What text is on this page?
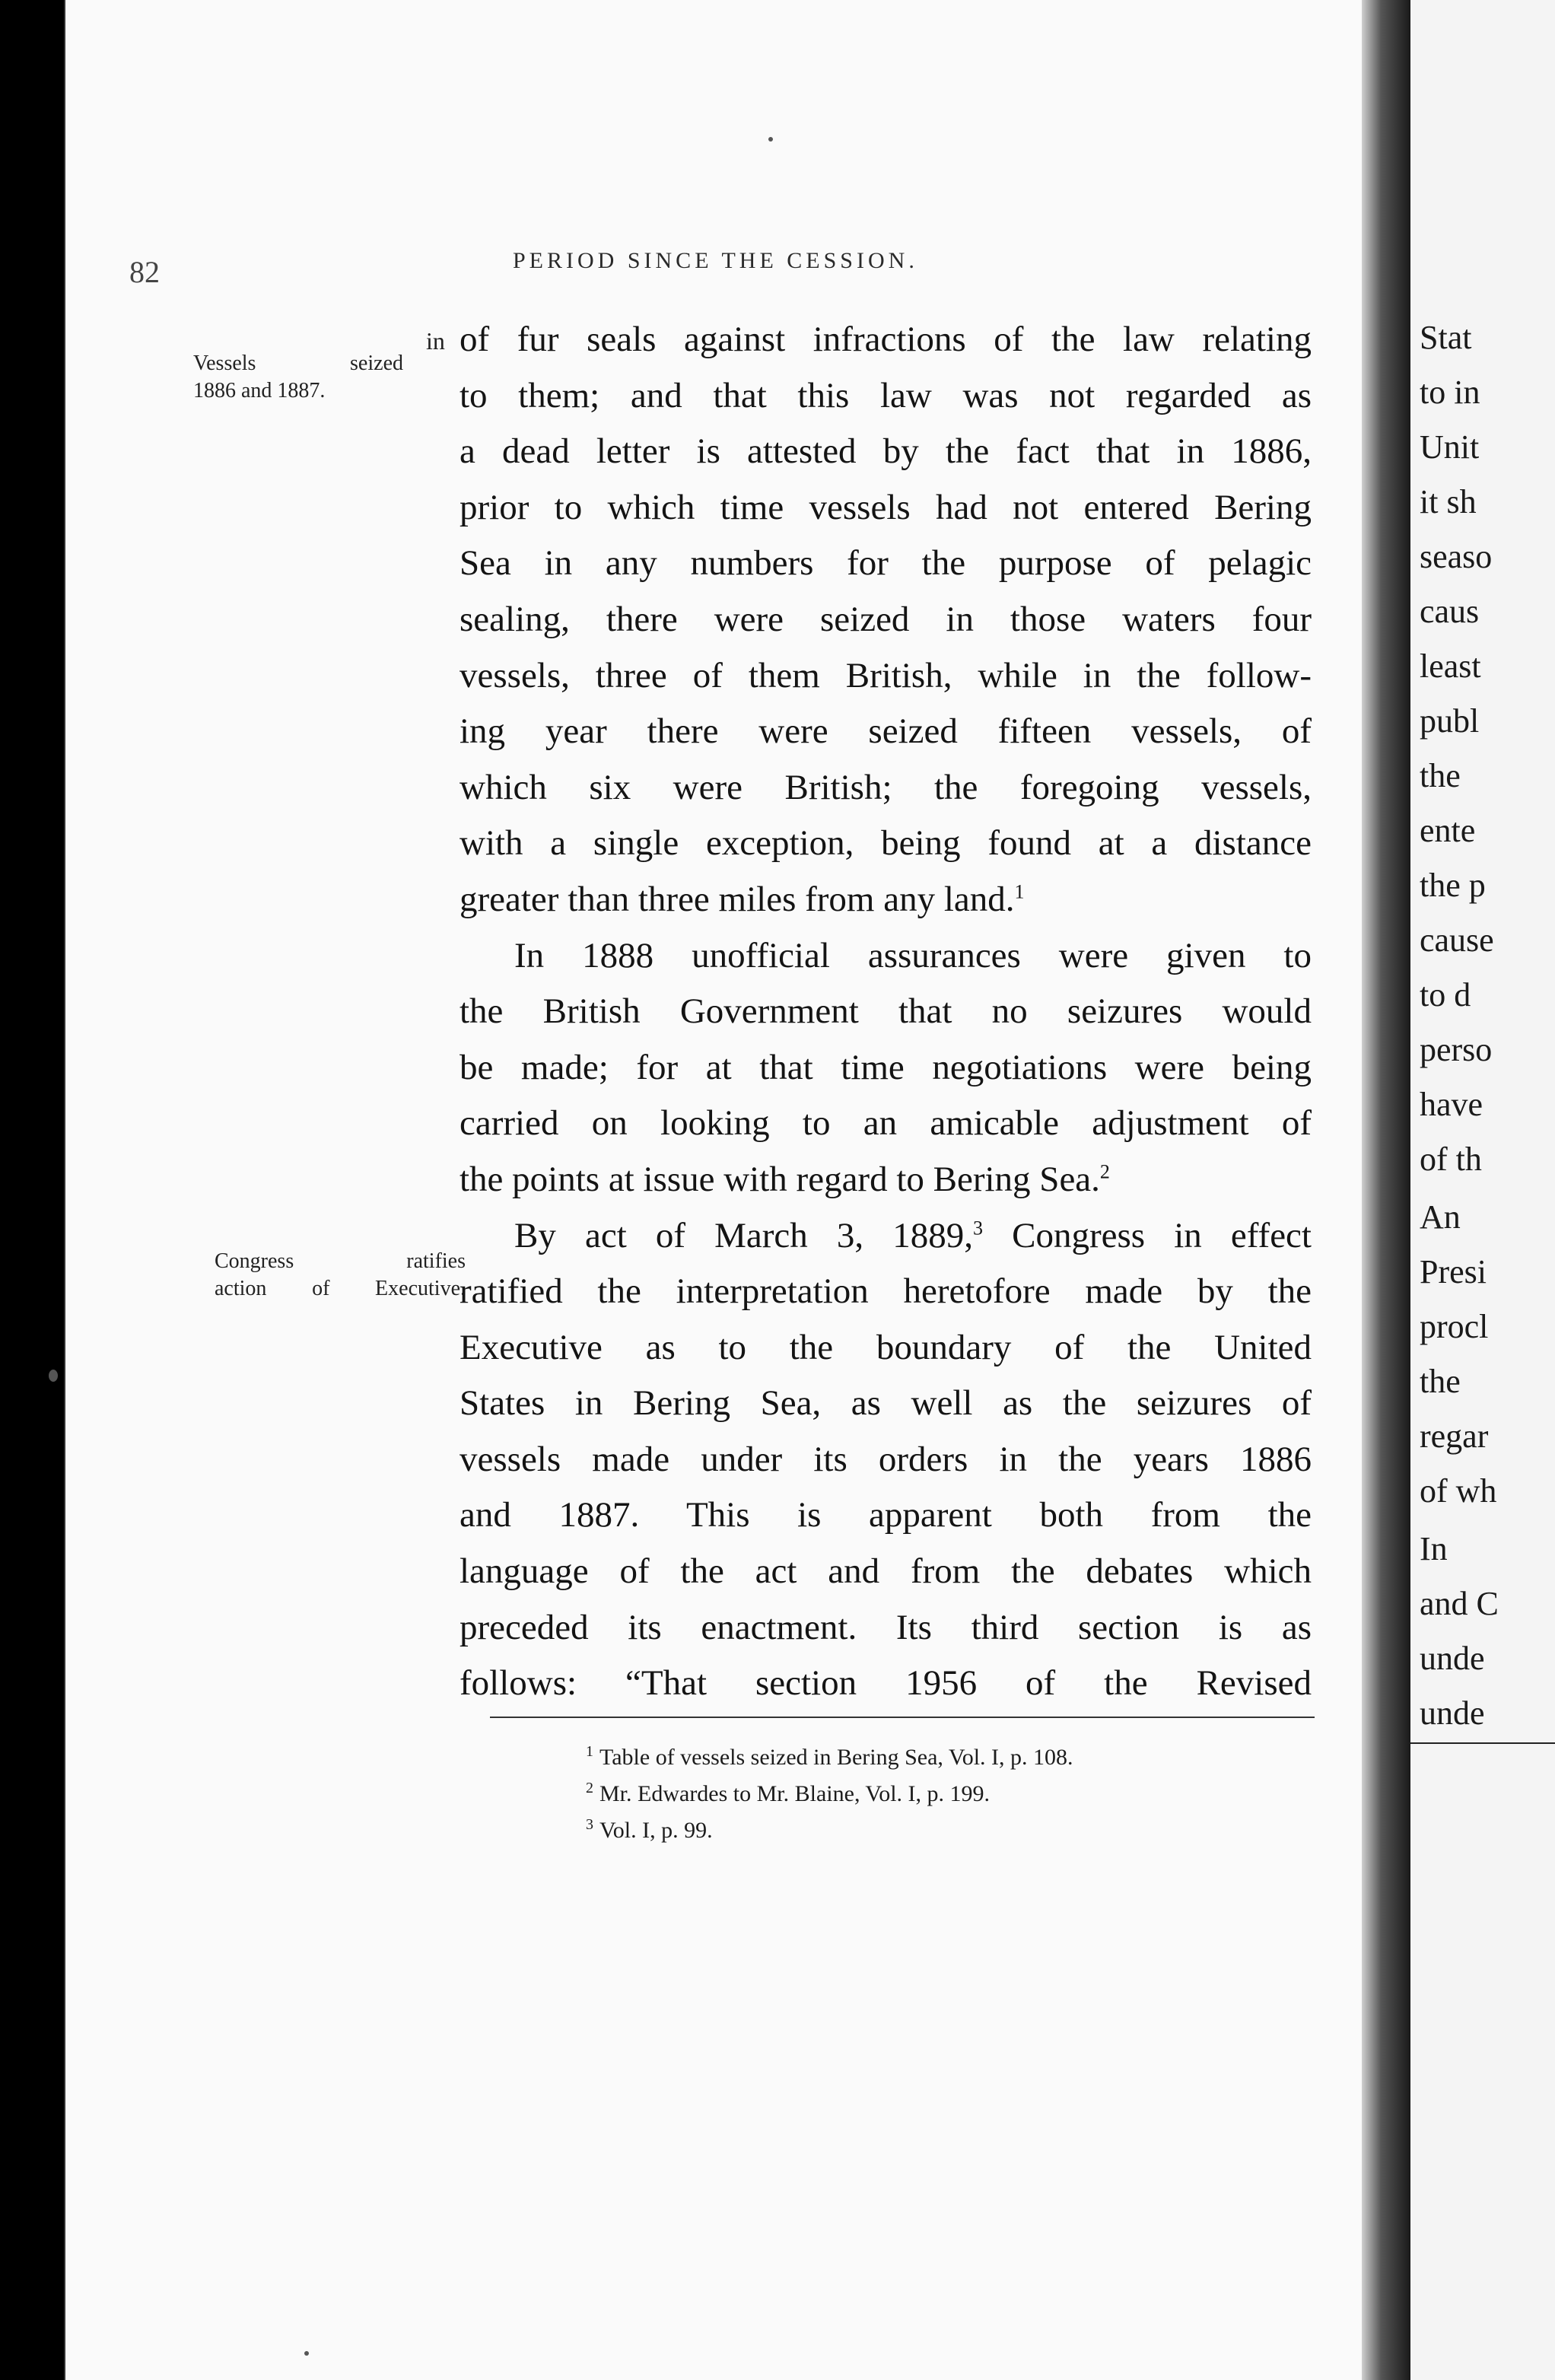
Stat
to in
Unit
it sh
seaso
caus
least
publ
the
ente
the p
cause
to d
perso
have
of th
An
Presi
procl
the
regar
of wh
In
and C
unde
unde
82	PERIOD SINCE THE CESSION.
Vessels seized
1886 and 1887.
in
Congress ratifies
action of Executive.
of fur seals against infractions of the law relating
to them; and that this law was not regarded as
a dead letter is attested by the fact that in 1886,
prior to which time vessels had not entered Bering
Sea in any numbers for the purpose of pelagic
sealing, there were seized in those waters four
vessels, three of them British, while in the follow-
ing year there were seized fifteen vessels, of
which six were British; the foregoing vessels,
with a single exception, being found at a distance
greater than three miles from any land.$^1$
In 1888 unofficial assurances were given to
the British Government that no seizures would
be made; for at that time negotiations were being
carried on looking to an amicable adjustment of
the points at issue with regard to Bering Sea.$^2$
By act of March 3, 1889,$^3$ Congress in effect
ratified the interpretation heretofore made by the
Executive as to the boundary of the United
States in Bering Sea, as well as the seizures of
vessels made under its orders in the years 1886
and 1887. This is apparent both from the
language of the act and from the debates which
preceded its enactment. Its third section is as
follows: “That section 1956 of the Revised
$^1$ Table of vessels seized in Bering Sea, Vol. I, p. 108.
$^2$ Mr. Edwardes to Mr. Blaine, Vol. I, p. 199.
$^3$ Vol. I, p. 99.
